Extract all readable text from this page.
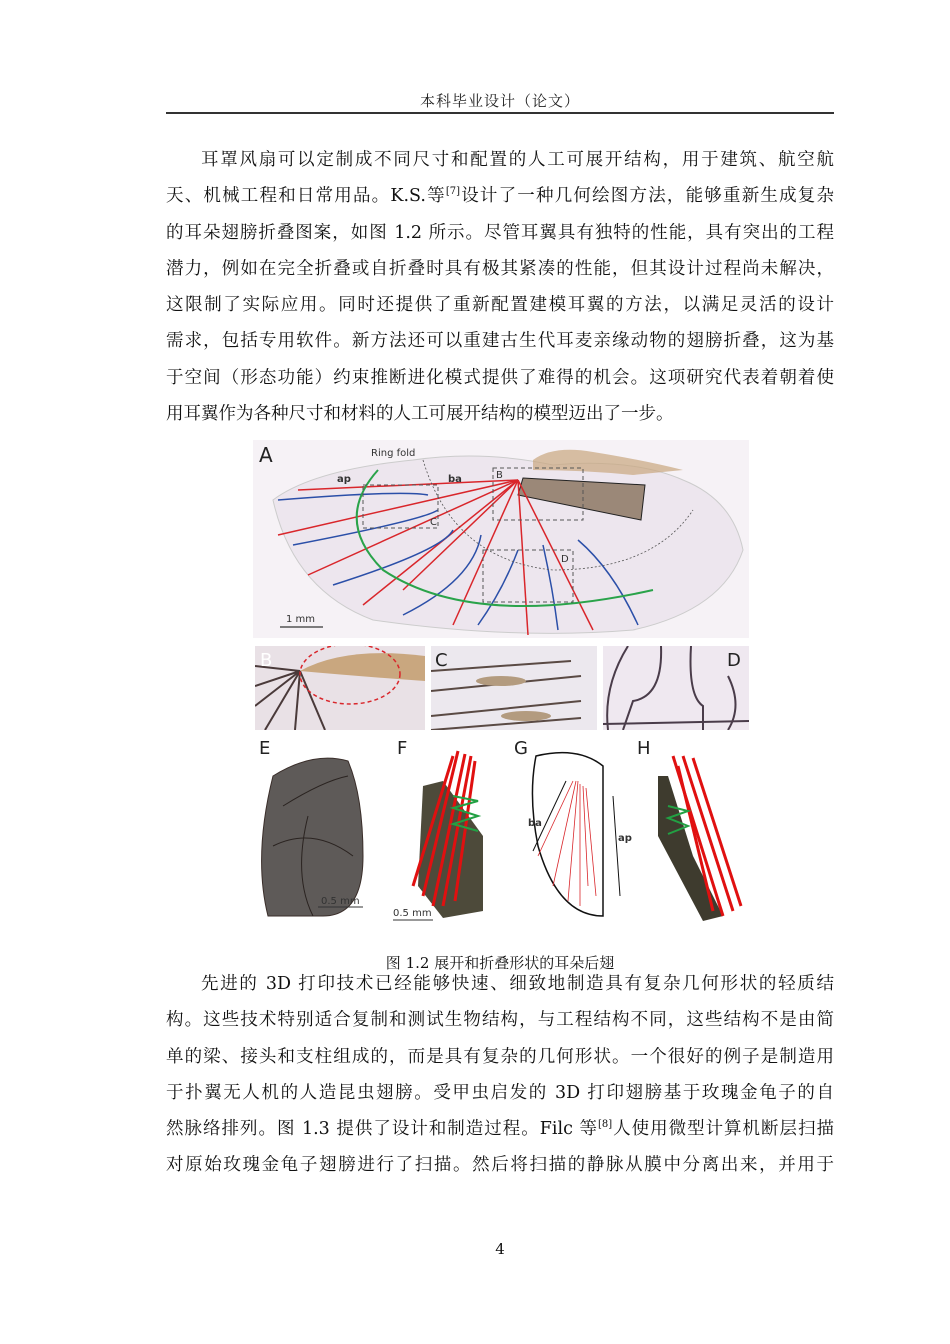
本科毕业设计（论文）
耳罩风扇可以定制成不同尺寸和配置的人工可展开结构，用于建筑、航空航
天、机械工程和日常用品。K.S.等[7]设计了一种几何绘图方法，能够重新生成复杂
的耳朵翅膀折叠图案，如图 1.2 所示。尽管耳翼具有独特的性能，具有突出的工程
潜力，例如在完全折叠或自折叠时具有极其紧凑的性能，但其设计过程尚未解决，
这限制了实际应用。同时还提供了重新配置建模耳翼的方法，以满足灵活的设计
需求，包括专用软件。新方法还可以重建古生代耳麦亲缘动物的翅膀折叠，这为基
于空间（形态功能）约束推断进化模式提供了难得的机会。这项研究代表着朝着使
用耳翼作为各种尺寸和材料的人工可展开结构的模型迈出了一步。
A	Ring fold
ap	ba	B
C
D
1 mm
B	C	D
E
0.5 mm
F
0.5 mm
G
ba
ap
H
图 1.2 展开和折叠形状的耳朵后翅
先进的 3D 打印技术已经能够快速、细致地制造具有复杂几何形状的轻质结
构。这些技术特别适合复制和测试生物结构，与工程结构不同，这些结构不是由简
单的梁、接头和支柱组成的，而是具有复杂的几何形状。一个很好的例子是制造用
于扑翼无人机的人造昆虫翅膀。受甲虫启发的 3D 打印翅膀基于玫瑰金龟子的自
然脉络排列。图 1.3 提供了设计和制造过程。Filc 等[8]人使用微型计算机断层扫描
对原始玫瑰金龟子翅膀进行了扫描。然后将扫描的静脉从膜中分离出来，并用于
4
